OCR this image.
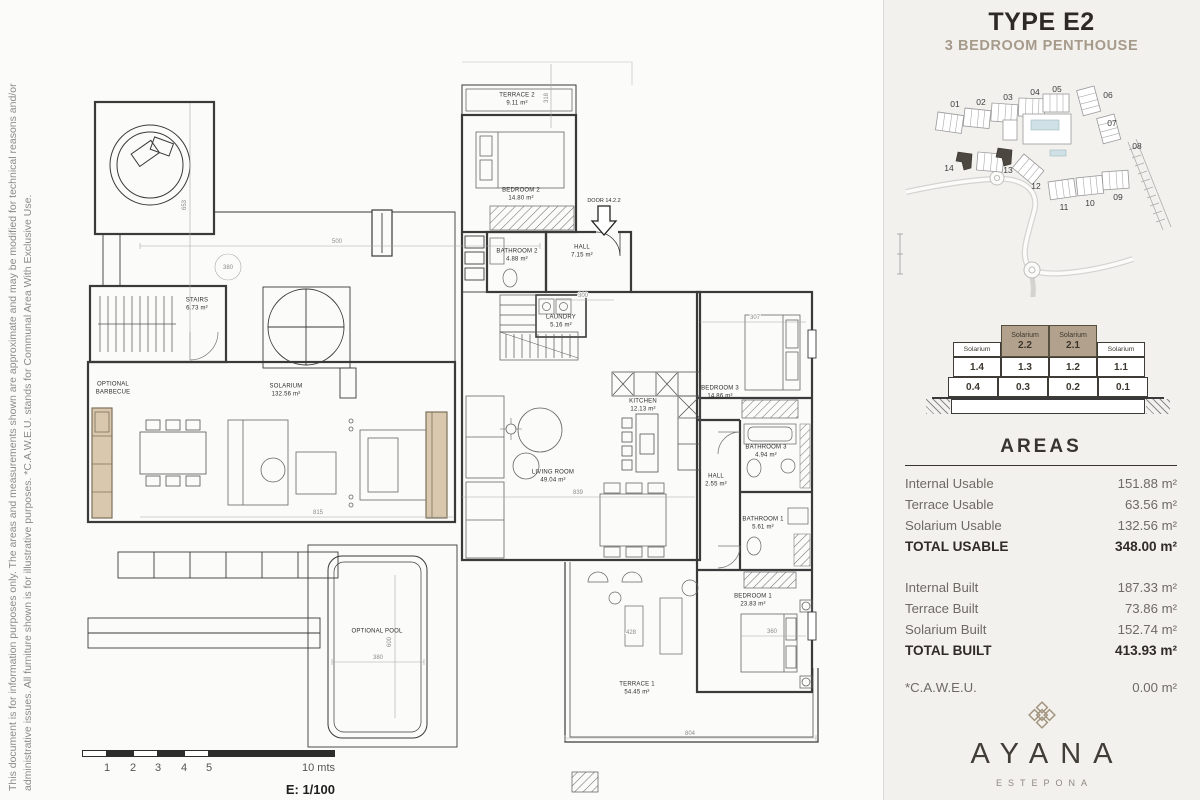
This document is for information purposes only. The areas and measurements shown are approximate and may be modified for technical reasons and/or administrative issues. All furniture shown is for illustrative purposes. *C.A.W.E.U. stands for Communal Area With Exclusive Use.	500
653
380
815
380
600
318
300
307
839
804
360
428
TERRACE 2
9.11 m²
BEDROOM 2
14.80 m²
BATHROOM 2
4.88 m²
HALL
7.15 m²
LAUNDRY
5.16 m²
KITCHEN
12.13 m²
LIVING ROOM
49.04 m²
BEDROOM 3
14.86 m²
BATHROOM 3
4.94 m²
HALL
2.55 m²
BATHROOM 1
5.61 m²
BEDROOM 1
23.83 m²
TERRACE 1
54.45 m²
DOOR 14.2.2
STAIRS
6.73 m²
SOLARIUM
132.56 m²
OPTIONAL
BARBECUE
OPTIONAL POOL
1	2	3	4	5	10 mts
E: 1/100
TYPE E2
3 BEDROOM PENTHOUSE
01 02 03 04 05
06
07
08
09
10
11
12
13
14
Solarium
2.2
Solarium
2.1
Solarium	Solarium
1.4	1.3	1.2	1.1
0.4	0.3	0.2	0.1
AREAS
Internal Usable	151.88 m²
Terrace Usable	63.56 m²
Solarium Usable	132.56 m²
TOTAL USABLE	348.00 m²
Internal Built	187.33 m²
Terrace Built	73.86 m²
Solarium Built	152.74 m²
TOTAL BUILT	413.93 m²
*C.A.W.E.U.	0.00 m²
AYANA
ESTEPONA
